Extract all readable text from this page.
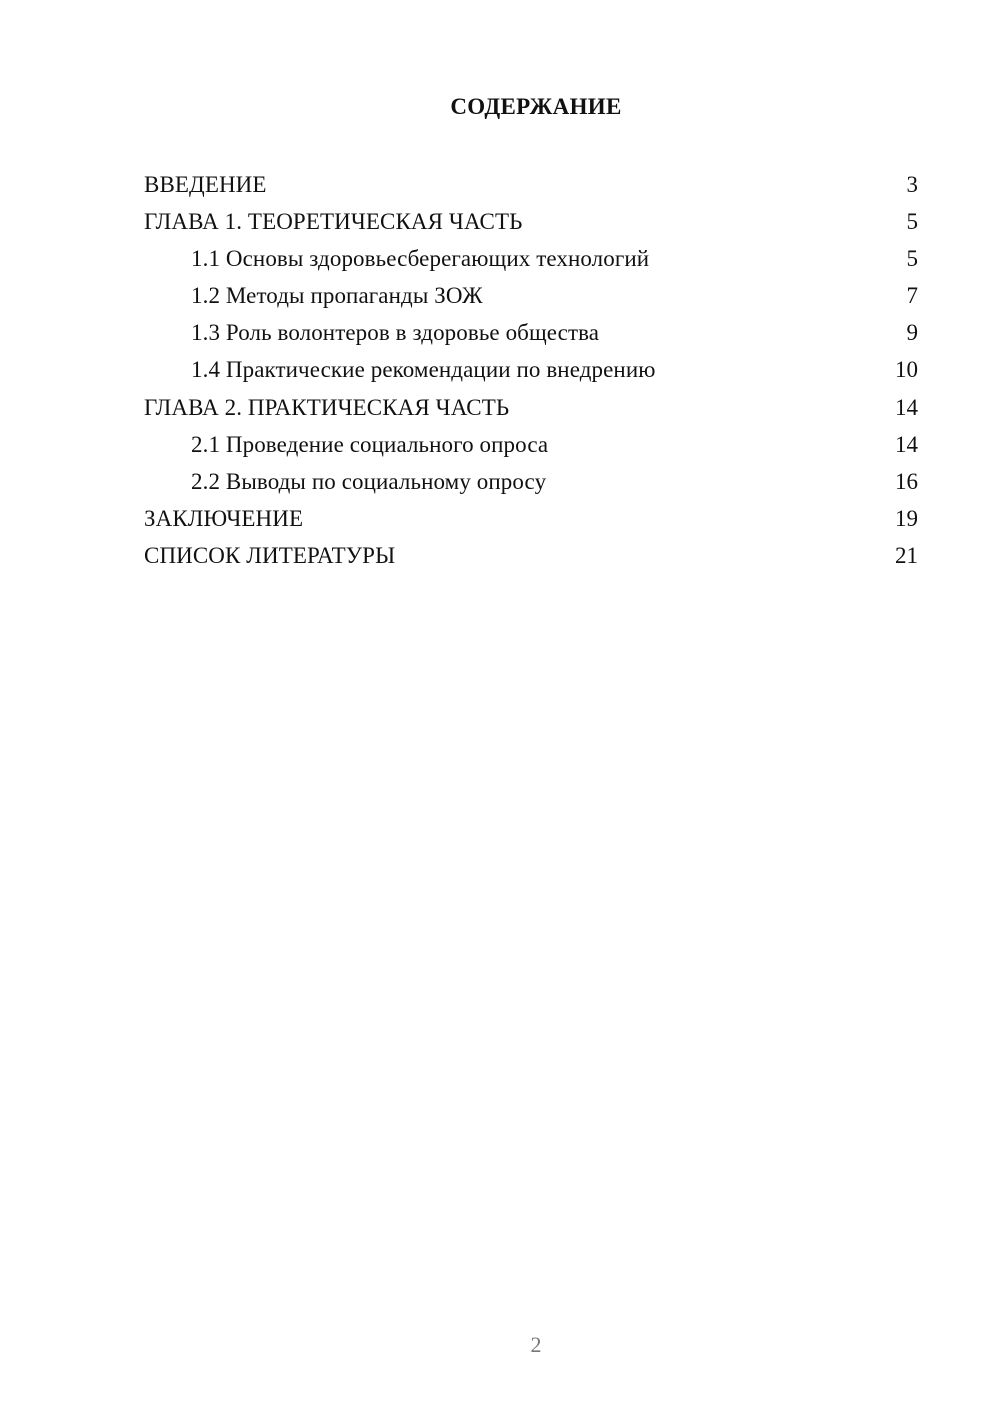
СОДЕРЖАНИЕ
ВВЕДЕНИЕ	3
ГЛАВА 1. ТЕОРЕТИЧЕСКАЯ ЧАСТЬ	5
1.1 Основы здоровьесберегающих технологий	5
1.2 Методы пропаганды ЗОЖ	7
1.3 Роль волонтеров в здоровье общества	9
1.4 Практические рекомендации по внедрению	10
ГЛАВА 2. ПРАКТИЧЕСКАЯ ЧАСТЬ	14
2.1 Проведение социального опроса	14
2.2 Выводы по социальному опросу	16
ЗАКЛЮЧЕНИЕ	19
СПИСОК ЛИТЕРАТУРЫ	21
2
